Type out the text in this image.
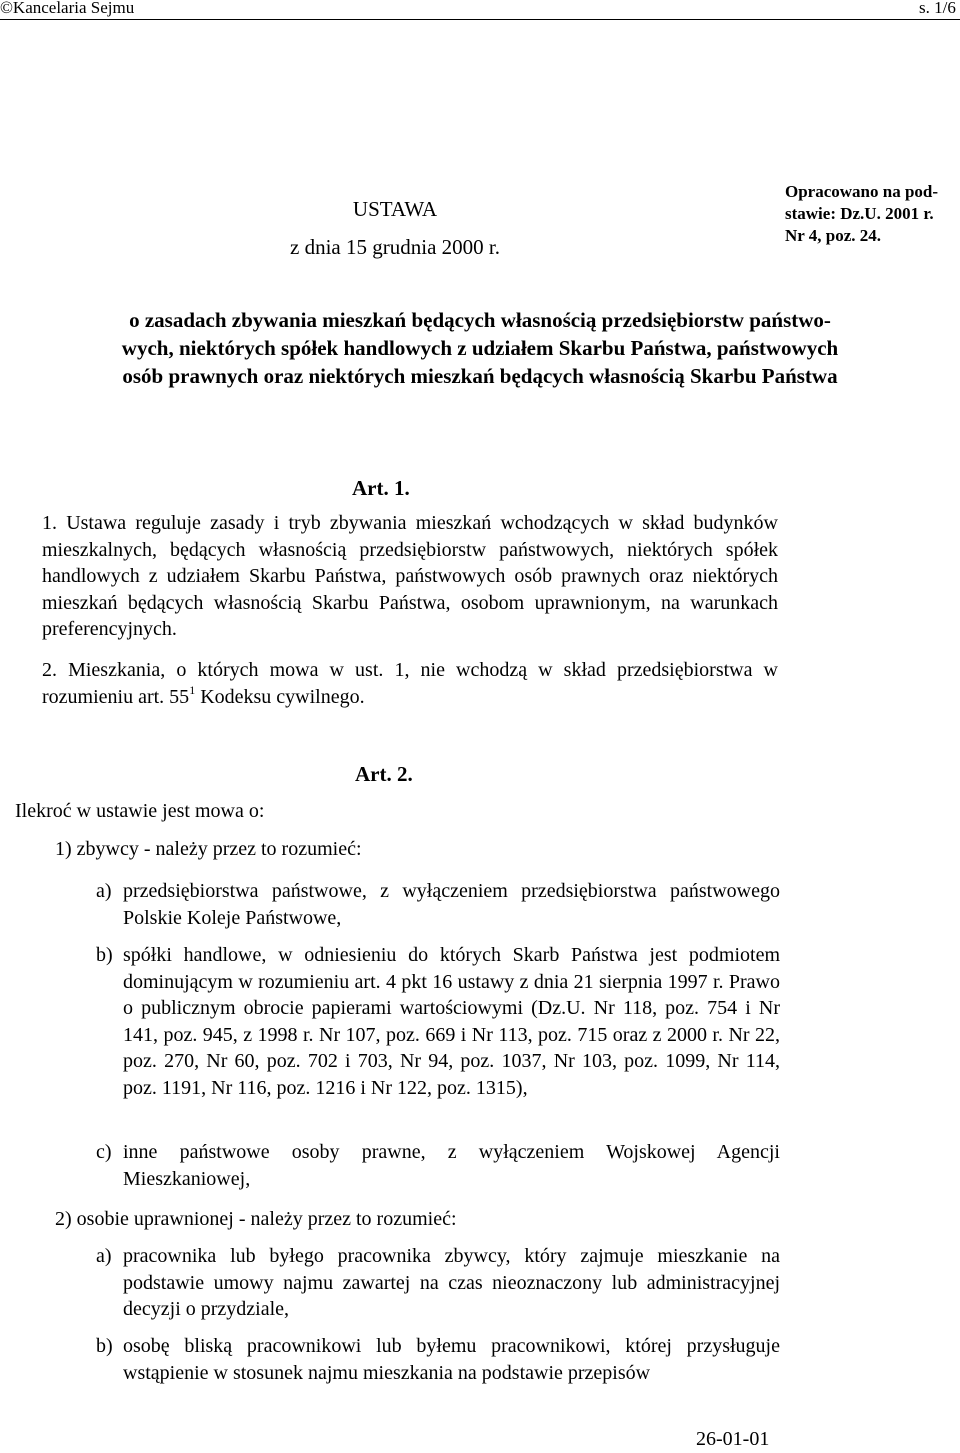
©Kancelaria Sejmu	s. 1/6
USTAWA
z dnia 15 grudnia 2000 r.
Opracowano na pod-
stawie: Dz.U. 2001 r.
Nr 4, poz. 24.
o zasadach zbywania mieszkań będących własnością przedsiębiorstw państwo-
wych, niektórych spółek handlowych z udziałem Skarbu Państwa, państwowych
osób prawnych oraz niektórych mieszkań będących własnością Skarbu Państwa
Art. 1.
1. Ustawa reguluje zasady i tryb zbywania mieszkań wchodzących w skład budynków mieszkalnych, będących własnością przedsiębiorstw państwowych, niektórych spółek handlowych z udziałem Skarbu Państwa, państwowych osób prawnych oraz niektórych mieszkań będących własnością Skarbu Państwa, osobom uprawnionym, na warunkach preferencyjnych.
2. Mieszkania, o których mowa w ust. 1, nie wchodzą w skład przedsiębiorstwa w rozumieniu art. $55^1$ Kodeksu cywilnego.
Art. 2.
Ilekroć w ustawie jest mowa o:
1) zbywcy - należy przez to rozumieć:
a) przedsiębiorstwa państwowe, z wyłączeniem przedsiębiorstwa państwowego Polskie Koleje Państwowe,
b) spółki handlowe, w odniesieniu do których Skarb Państwa jest podmiotem dominującym w rozumieniu art. 4 pkt 16 ustawy z dnia 21 sierpnia 1997 r. Prawo o publicznym obrocie papierami wartościowymi (Dz.U. Nr 118, poz. 754 i Nr 141, poz. 945, z 1998 r. Nr 107, poz. 669 i Nr 113, poz. 715 oraz z 2000 r. Nr 22, poz. 270, Nr 60, poz. 702 i 703, Nr 94, poz. 1037, Nr 103, poz. 1099, Nr 114, poz. 1191, Nr 116, poz. 1216 i Nr 122, poz. 1315),
c) inne państwowe osoby prawne, z wyłączeniem Wojskowej Agencji Mieszkaniowej,
2) osobie uprawnionej - należy przez to rozumieć:
a) pracownika lub byłego pracownika zbywcy, który zajmuje mieszkanie na podstawie umowy najmu zawartej na czas nieoznaczony lub administracyjnej decyzji o przydziale,
b) osobę bliską pracownikowi lub byłemu pracownikowi, której przysługuje wstąpienie w stosunek najmu mieszkania na podstawie przepisów
26-01-01
